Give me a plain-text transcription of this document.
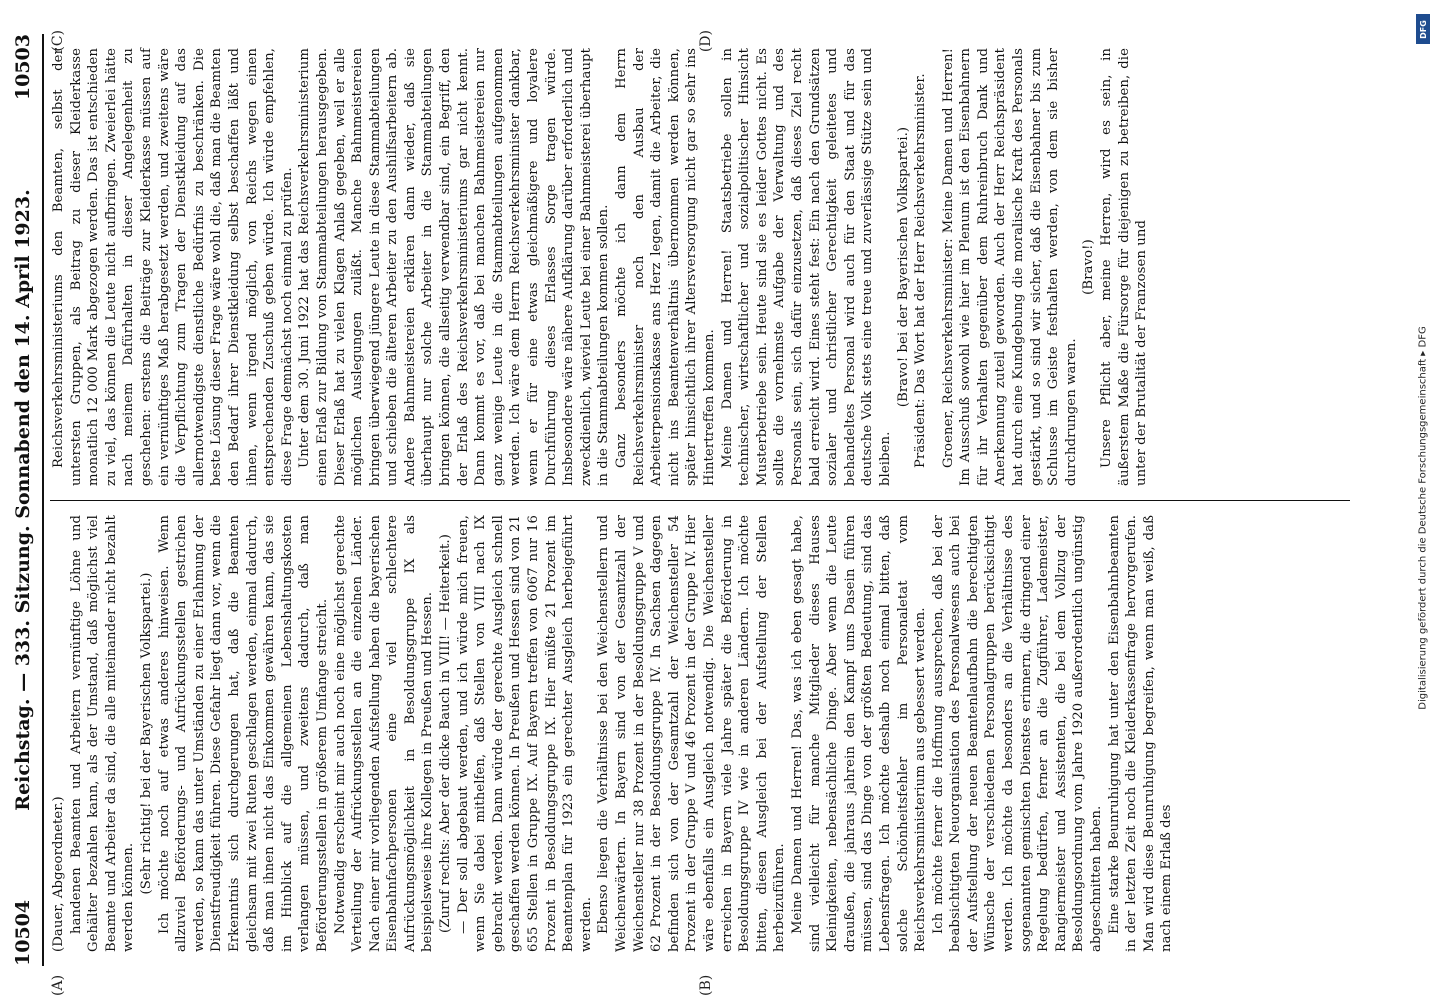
10504
Reichstag. — 333. Sitzung. Sonnabend den 14. April 1923.
10503
(A)	(B)

(Dauer, Abgeordneter.) handenen Beamten und Arbeitern vernünftige Löhne und Gehälter bezahlen kann, als der Umstand, daß möglichst viel Beamte und Arbeiter da sind, die alle miteinander nicht bezahlt werden können.

(Sehr richtig! bei der Bayerischen Volkspartei.) Ich möchte noch auf etwas anderes hinweisen. Wenn allzuviel Beförderungs- und Aufrückungsstellen gestrichen werden, so kann das unter Umständen zu einer Erlahmung der Dienstfreudigkeit führen. Diese Gefahr liegt dann vor, wenn die Erkenntnis sich durchgerungen hat, daß die Beamten gleichsam mit zwei Ruten geschlagen werden, einmal dadurch, daß man ihnen nicht das Einkommen gewähren kann, das sie im Hinblick auf die allgemeinen Lebenshaltungskosten verlangen müssen, und zweitens dadurch, daß man Beförderungsstellen in größerem Umfange streicht. Notwendig erscheint mir auch noch eine möglichst gerechte Verteilung der Aufrückungsstellen an die einzelnen Länder. Nach einer mir vorliegenden Aufstellung haben die bayerischen Eisenbahnfachpersonen eine viel schlechtere Aufrückungsmöglichkeit in Besoldungsgruppe IX als beispielsweise ihre Kollegen in Preußen und Hessen. (Zuruf rechts: Aber der dicke Bauch in VIII! — Heiterkeit.) — Der soll abgebaut werden, und ich würde mich freuen, wenn Sie dabei mithelfen, daß Stellen von VIII nach IX gebracht werden. Dann würde der gerechte Ausgleich schnell geschaffen werden können. In Preußen und Hessen sind von 21 655 Stellen in Gruppe IX. Auf Bayern treffen von 6067 nur 16 Prozent in Besoldungsgruppe IX. Hier müßte 21 Prozent im Beamtenplan für 1923 ein gerechter Ausgleich herbeigeführt werden. Ebenso liegen die Verhältnisse bei den Weichenstellern und Weichenwärtern. In Bayern sind von der Gesamtzahl der Weichensteller nur 38 Prozent in der Besoldungsgruppe V und 62 Prozent in der Besoldungsgruppe IV. In Sachsen dagegen befinden sich von der Gesamtzahl der Weichensteller 54 Prozent in der Gruppe V und 46 Prozent in der Gruppe IV. Hier wäre ebenfalls ein Ausgleich notwendig. Die Weichensteller erreichen in Bayern viele Jahre später die Beförderung in Besoldungsgruppe IV wie in anderen Ländern. Ich möchte bitten, diesen Ausgleich bei der Aufstellung der Stellen herbeizuführen. Meine Damen und Herren! Das, was ich eben gesagt habe, sind vielleicht für manche Mitglieder dieses Hauses Kleinigkeiten, nebensächliche Dinge. Aber wenn die Leute draußen, die jahraus jahrein den Kampf ums Dasein führen müssen, sind das Dinge von der größten Bedeutung, sind das Lebensfragen. Ich möchte deshalb noch einmal bitten, daß solche Schönheitsfehler im Personaletat vom Reichsverkehrsministerium aus gebessert werden. Ich möchte ferner die Hoffnung aussprechen, daß bei der beabsichtigten Neuorganisation des Personalwesens auch bei der Aufstellung der neuen Beamtenlaufbahn die berechtigten Wünsche der verschiedenen Personalgruppen berücksichtigt werden. Ich möchte da besonders an die Verhältnisse des sogenannten gemischten Dienstes erinnern, die dringend einer Regelung bedürfen, ferner an die Zugführer, Lademeister, Rangiermeister und Assistenten, die bei dem Vollzug der Besoldungsordnung vom Jahre 1920 außerordentlich ungünstig abgeschnitten haben. Eine starke Beunruhigung hat unter den Eisenbahnbeamten in der letzten Zeit noch die Kleiderkassenfrage hervorgerufen. Man wird diese Beunruhigung begreifen, wenn man weiß, daß nach einem Erlaß des

(C)	(D)

Reichsverkehrsministeriums den Beamten, selbst der untersten Gruppen, als Beitrag zu dieser Kleiderkasse monatlich 12 000 Mark abgezogen werden. Das ist entschieden zu viel, das können die Leute nicht aufbringen. Zweierlei hätte nach meinem Dafürhalten in dieser Angelegenheit zu geschehen: erstens die Beiträge zur Kleiderkasse müssen auf ein vernünftiges Maß herabgesetzt werden, und zweitens wäre die Verpflichtung zum Tragen der Dienstkleidung auf das allernotwendigste dienstliche Bedürfnis zu beschränken. Die beste Lösung dieser Frage wäre wohl die, daß man die Beamten den Bedarf ihrer Dienstkleidung selbst beschaffen läßt und ihnen, wenn irgend möglich, von Reichs wegen einen entsprechenden Zuschuß geben würde. Ich würde empfehlen, diese Frage demnächst noch einmal zu prüfen. Unter dem 30. Juni 1922 hat das Reichsverkehrsministerium einen Erlaß zur Bildung von Stammabteilungen herausgegeben. Dieser Erlaß hat zu vielen Klagen Anlaß gegeben, weil er alle möglichen Auslegungen zuläßt. Manche Bahnmeistereien bringen überwiegend jüngere Leute in diese Stammabteilungen und schieben die älteren Arbeiter zu den Aushilfsarbeitern ab. Andere Bahnmeistereien erklären dann wieder, daß sie überhaupt nur solche Arbeiter in die Stammabteilungen bringen können, die allseitig verwendbar sind, ein Begriff, den der Erlaß des Reichsverkehrsministeriums gar nicht kennt. Dann kommt es vor, daß bei manchen Bahnmeistereien nur ganz wenige Leute in die Stammabteilungen aufgenommen werden. Ich wäre dem Herrn Reichsverkehrsminister dankbar, wenn er für eine etwas gleichmäßigere und loyalere Durchführung dieses Erlasses Sorge tragen würde. Insbesondere wäre nähere Aufklärung darüber erforderlich und zweckdienlich, wieviel Leute bei einer Bahnmeisterei überhaupt in die Stammabteilungen kommen sollen. Ganz besonders möchte ich dann dem Herrn Reichsverkehrsminister noch den Ausbau der Arbeiterpensionskasse ans Herz legen, damit die Arbeiter, die nicht ins Beamtenverhältnis übernommen werden können, später hinsichtlich ihrer Altersversorgung nicht gar so sehr ins Hintertreffen kommen. Meine Damen und Herren! Staatsbetriebe sollen in technischer, wirtschaftlicher und sozialpolitischer Hinsicht Musterbetriebe sein. Heute sind sie es leider Gottes nicht. Es sollte die vornehmste Aufgabe der Verwaltung und des Personals sein, sich dafür einzusetzen, daß dieses Ziel recht bald erreicht wird. Eines steht fest: Ein nach den Grundsätzen sozialer und christlicher Gerechtigkeit geleitetes und behandeltes Personal wird auch für den Staat und für das deutsche Volk stets eine treue und zuverlässige Stütze sein und bleiben.

(Bravo! bei der Bayerischen Volkspartei.) Präsident: Das Wort hat der Herr Reichsverkehrsminister. Groener, Reichsverkehrsminister: Meine Damen und Herren! Im Ausschuß sowohl wie hier im Plenum ist den Eisenbahnern für ihr Verhalten gegenüber dem Ruhreinbruch Dank und Anerkennung zuteil geworden. Auch der Herr Reichspräsident hat durch eine Kundgebung die moralische Kraft des Personals gestärkt, und so sind wir sicher, daß die Eisenbahner bis zum Schlusse im Geiste festhalten werden, von dem sie bisher durchdrungen waren.

(Bravo!) Unsere Pflicht aber, meine Herren, wird es sein, in äußerstem Maße die Fürsorge für diejenigen zu betreiben, die unter der Brutalität der Franzosen und

DFG
Digitalisierung gefördert durch die Deutsche Forschungsgemeinschaft ▸ DFG
